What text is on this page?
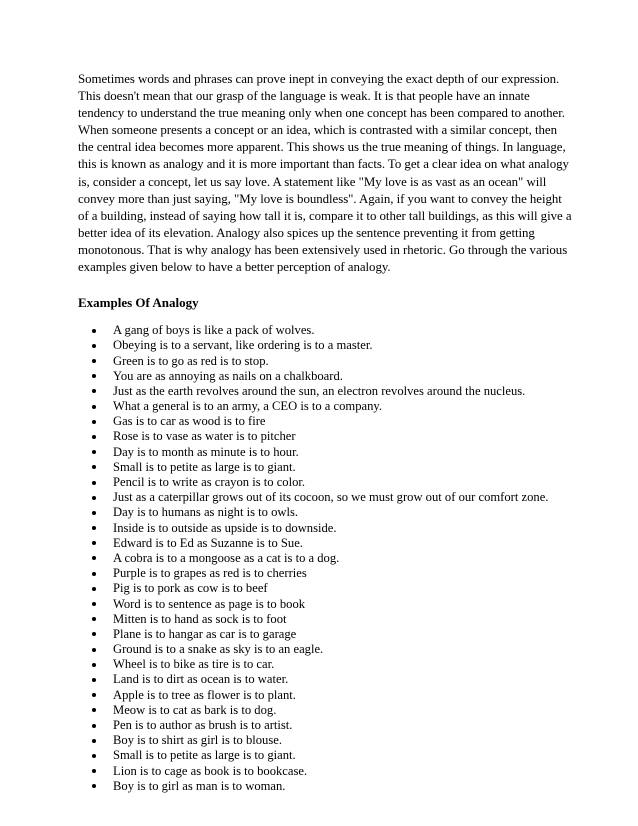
Sometimes words and phrases can prove inept in conveying the exact depth of our expression. This doesn't mean that our grasp of the language is weak. It is that people have an innate tendency to understand the true meaning only when one concept has been compared to another. When someone presents a concept or an idea, which is contrasted with a similar concept, then the central idea becomes more apparent. This shows us the true meaning of things. In language, this is known as analogy and it is more important than facts. To get a clear idea on what analogy is, consider a concept, let us say love. A statement like "My love is as vast as an ocean" will convey more than just saying, "My love is boundless". Again, if you want to convey the height of a building, instead of saying how tall it is, compare it to other tall buildings, as this will give a better idea of its elevation. Analogy also spices up the sentence preventing it from getting monotonous. That is why analogy has been extensively used in rhetoric. Go through the various examples given below to have a better perception of analogy.

Examples Of Analogy
A gang of boys is like a pack of wolves.
Obeying is to a servant, like ordering is to a master.
Green is to go as red is to stop.
You are as annoying as nails on a chalkboard.
Just as the earth revolves around the sun, an electron revolves around the nucleus.
What a general is to an army, a CEO is to a company.
Gas is to car as wood is to fire
Rose is to vase as water is to pitcher
Day is to month as minute is to hour.
Small is to petite as large is to giant.
Pencil is to write as crayon is to color.
Just as a caterpillar grows out of its cocoon, so we must grow out of our comfort zone.
Day is to humans as night is to owls.
Inside is to outside as upside is to downside.
Edward is to Ed as Suzanne is to Sue.
A cobra is to a mongoose as a cat is to a dog.
Purple is to grapes as red is to cherries
Pig is to pork as cow is to beef
Word is to sentence as page is to book
Mitten is to hand as sock is to foot
Plane is to hangar as car is to garage
Ground is to a snake as sky is to an eagle.
Wheel is to bike as tire is to car.
Land is to dirt as ocean is to water.
Apple is to tree as flower is to plant.
Meow is to cat as bark is to dog.
Pen is to author as brush is to artist.
Boy is to shirt as girl is to blouse.
Small is to petite as large is to giant.
Lion is to cage as book is to bookcase.
Boy is to girl as man is to woman.
